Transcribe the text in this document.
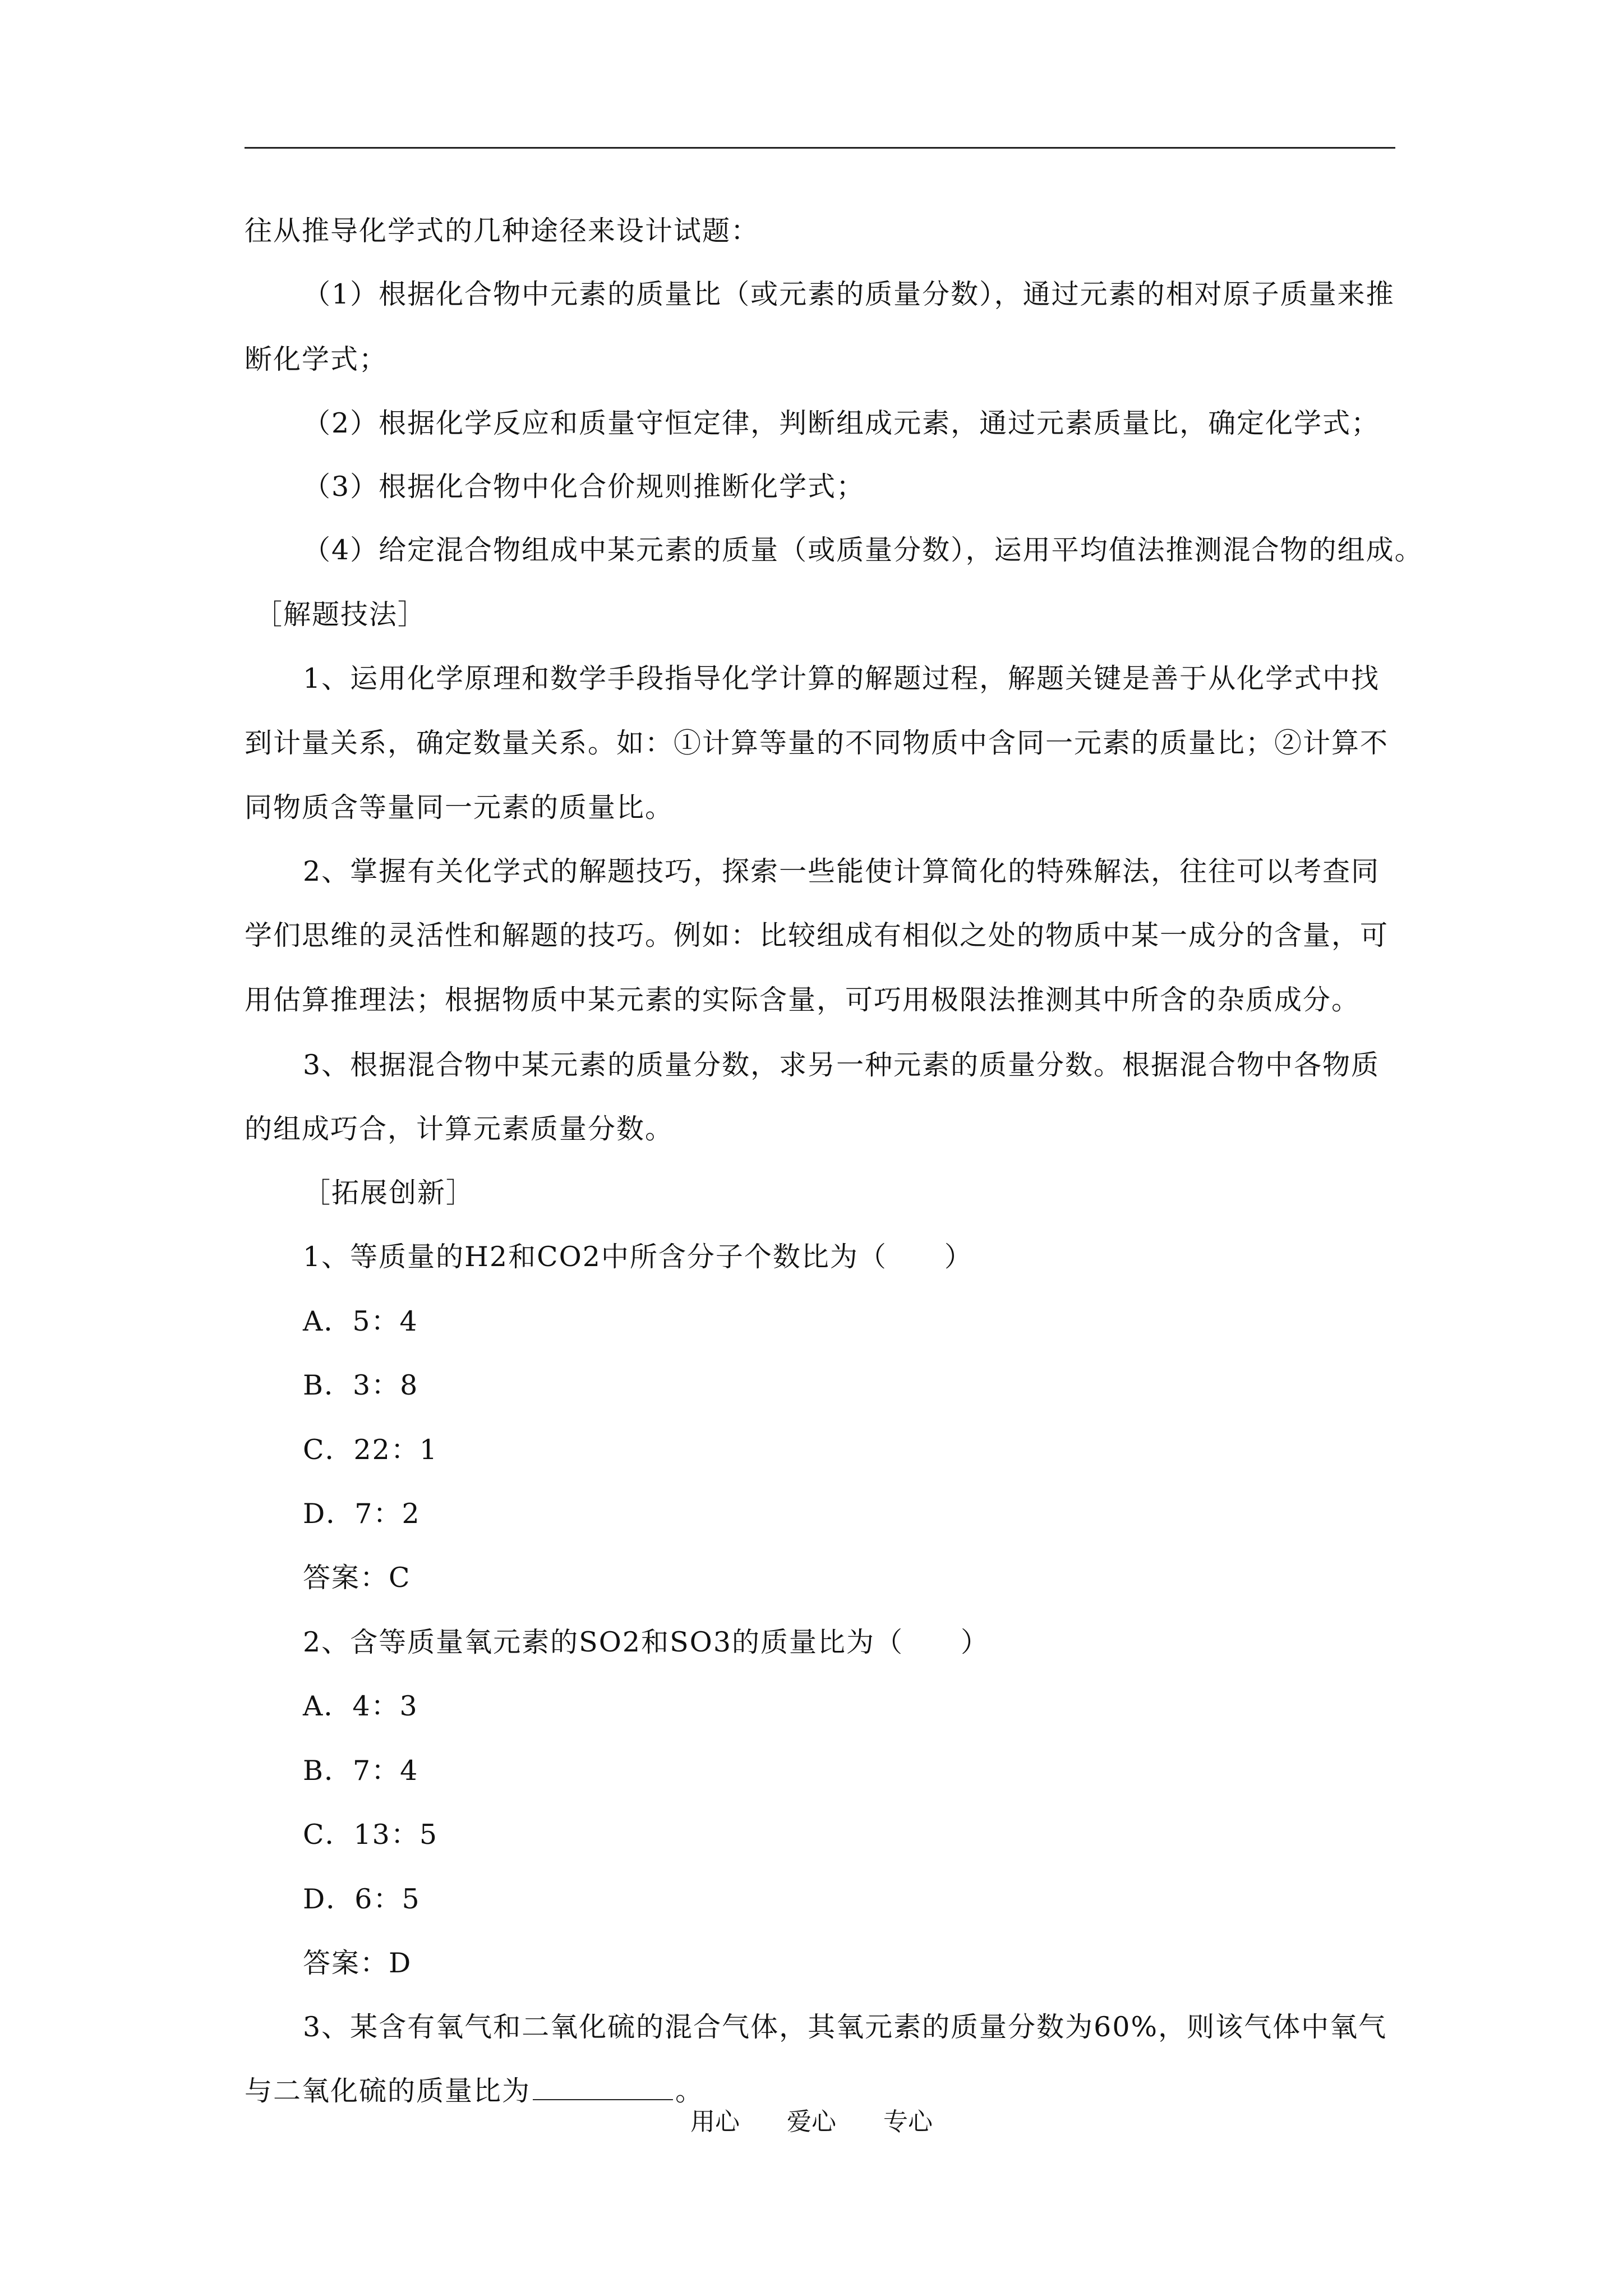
往从推导化学式的几种途径来设计试题：
（1）根据化合物中元素的质量比（或元素的质量分数），通过元素的相对原子质量来推
断化学式；
（2）根据化学反应和质量守恒定律，判断组成元素，通过元素质量比，确定化学式；
（3）根据化合物中化合价规则推断化学式；
（4）给定混合物组成中某元素的质量（或质量分数），运用平均值法推测混合物的组成。
［解题技法］
1、运用化学原理和数学手段指导化学计算的解题过程，解题关键是善于从化学式中找
到计量关系，确定数量关系。如：①计算等量的不同物质中含同一元素的质量比；②计算不
同物质含等量同一元素的质量比。
2、掌握有关化学式的解题技巧，探索一些能使计算简化的特殊解法，往往可以考查同
学们思维的灵活性和解题的技巧。例如：比较组成有相似之处的物质中某一成分的含量，可
用估算推理法；根据物质中某元素的实际含量，可巧用极限法推测其中所含的杂质成分。
3、根据混合物中某元素的质量分数，求另一种元素的质量分数。根据混合物中各物质
的组成巧合，计算元素质量分数。
［拓展创新］
1、等质量的H2和CO2中所含分子个数比为（　　）
A．5：4
B．3：8
C．22：1
D．7：2
答案：C
2、含等质量氧元素的SO2和SO3的质量比为（　　）
A．4：3
B．7：4
C．13：5
D．6：5
答案：D
3、某含有氧气和二氧化硫的混合气体，其氧元素的质量分数为60%，则该气体中氧气
与二氧化硫的质量比为	。
用心 爱心 专心
